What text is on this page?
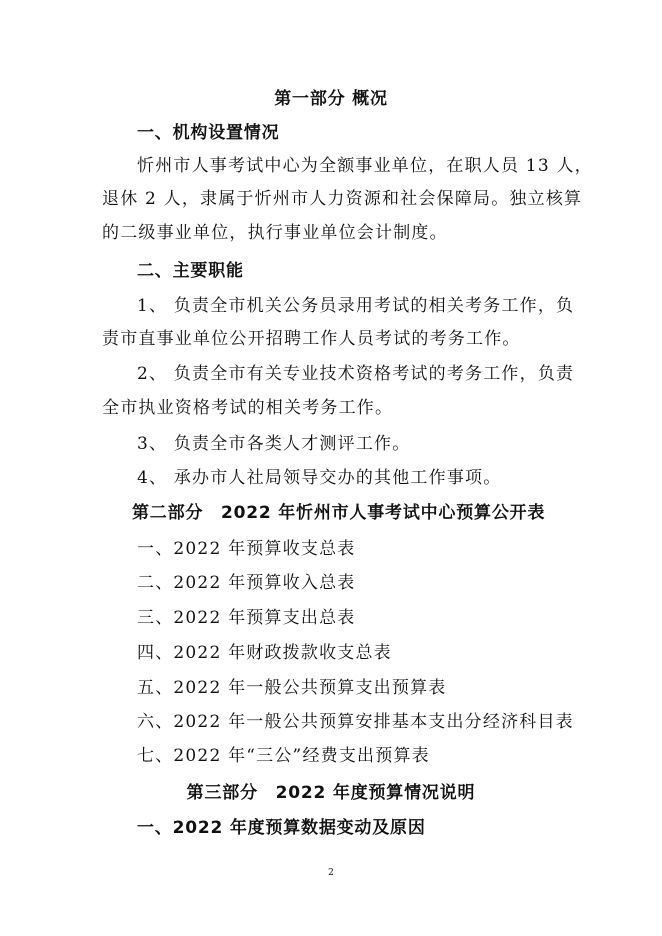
第一部分 概况
一、机构设置情况
忻州市人事考试中心为全额事业单位，在职人员 13 人，
退休 2 人，隶属于忻州市人力资源和社会保障局。独立核算
的二级事业单位，执行事业单位会计制度。
二、主要职能
1、 负责全市机关公务员录用考试的相关考务工作，负
责市直事业单位公开招聘工作人员考试的考务工作。
2、 负责全市有关专业技术资格考试的考务工作，负责
全市执业资格考试的相关考务工作。
3、 负责全市各类人才测评工作。
4、 承办市人社局领导交办的其他工作事项。
第二部分　2022 年忻州市人事考试中心预算公开表
一、2022 年预算收支总表
二、2022 年预算收入总表
三、2022 年预算支出总表
四、2022 年财政拨款收支总表
五、2022 年一般公共预算支出预算表
六、2022 年一般公共预算安排基本支出分经济科目表
七、2022 年“三公”经费支出预算表
第三部分　2022 年度预算情况说明
一、2022 年度预算数据变动及原因
2
